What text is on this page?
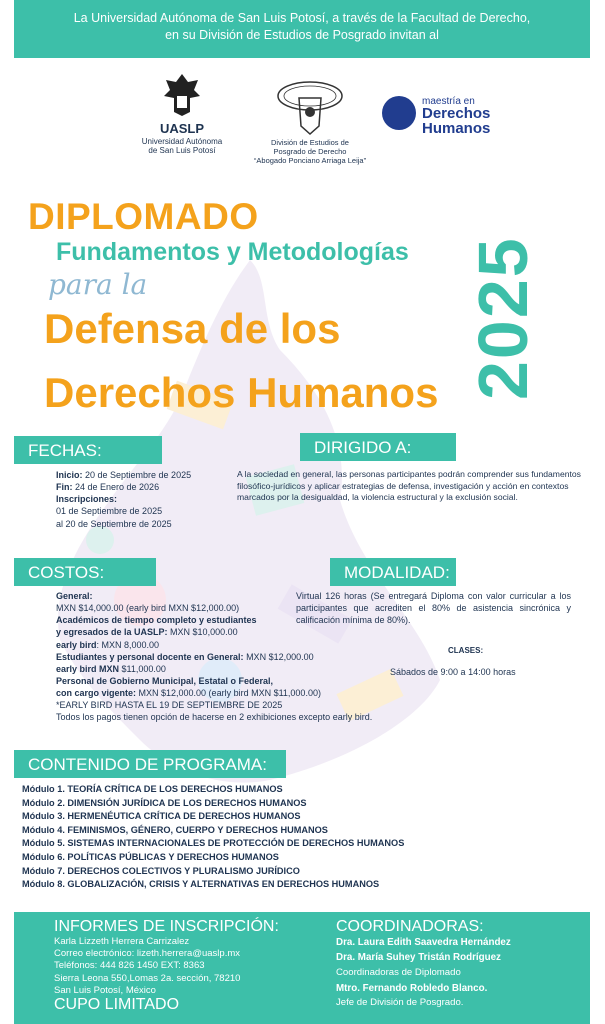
La Universidad Autónoma de San Luis Potosí, a través de la Facultad de Derecho,
en su División de Estudios de Posgrado invitan al
UASLP
Universidad Autónoma
de San Luis Potosí
División de Estudios de
Posgrado de Derecho
“Abogado Ponciano Arriaga Leija”
maestría en
Derechos
Humanos
DIPLOMADO
Fundamentos y Metodologías
para la
Defensa de los
Derechos Humanos 2025
FECHAS:
Inicio: 20 de Septiembre de 2025
Fin: 24 de Enero de 2026
Inscripciones:
01 de Septiembre de 2025
al 20 de Septiembre de 2025
DIRIGIDO A:
A la sociedad en general, las personas participantes podrán comprender sus fundamentos filosófico-jurídicos y aplicar estrategias de defensa, investigación y acción en contextos marcados por la desigualdad, la violencia estructural y la exclusión social.
COSTOS:
General:
MXN $14,000.00 (early bird MXN $12,000.00)
Académicos de tiempo completo y estudiantes
y egresados de la UASLP: MXN $10,000.00
early bird: MXN 8,000.00
Estudiantes y personal docente en General: MXN $12,000.00
early bird MXN $11,000.00
Personal de Gobierno Municipal, Estatal o Federal,
con cargo vigente: MXN $12,000.00 (early bird MXN $11,000.00)
*EARLY BIRD HASTA EL 19 DE SEPTIEMBRE DE 2025
Todos los pagos tienen opción de hacerse en 2 exhibiciones excepto early bird.
MODALIDAD:
Virtual 126 horas (Se entregará Diploma con valor curricular a los participantes que acrediten el 80% de asistencia sincrónica y calificación mínima de 80%).
CLASES:
Sábados de 9:00 a 14:00 horas
CONTENIDO DE PROGRAMA:
Módulo 1. TEORÍA CRÍTICA DE LOS DERECHOS HUMANOS
Módulo 2. DIMENSIÓN JURÍDICA DE LOS DERECHOS HUMANOS
Módulo 3. HERMENÉUTICA CRÍTICA DE DERECHOS HUMANOS
Módulo 4. FEMINISMOS, GÉNERO, CUERPO Y DERECHOS HUMANOS
Módulo 5. SISTEMAS INTERNACIONALES DE PROTECCIÓN DE DERECHOS HUMANOS
Módulo 6. POLÍTICAS PÚBLICAS Y DERECHOS HUMANOS
Módulo 7. DERECHOS COLECTIVOS Y PLURALISMO JURÍDICO
Módulo 8. GLOBALIZACIÓN, CRISIS Y ALTERNATIVAS EN DERECHOS HUMANOS
INFORMES DE INSCRIPCIÓN:
Karla Lizzeth Herrera Carrizalez
Correo electrónico: lizeth.herrera@uaslp.mx
Teléfonos: 444 826 1450 EXT: 8363
Sierra Leona 550,Lomas 2a. sección, 78210
San Luis Potosí, México
CUPO LIMITADO
COORDINADORAS:
Dra. Laura Edith Saavedra Hernández
Dra. María Suhey Tristán Rodríguez
Coordinadoras de Diplomado
Mtro. Fernando Robledo Blanco.
Jefe de División de Posgrado.
